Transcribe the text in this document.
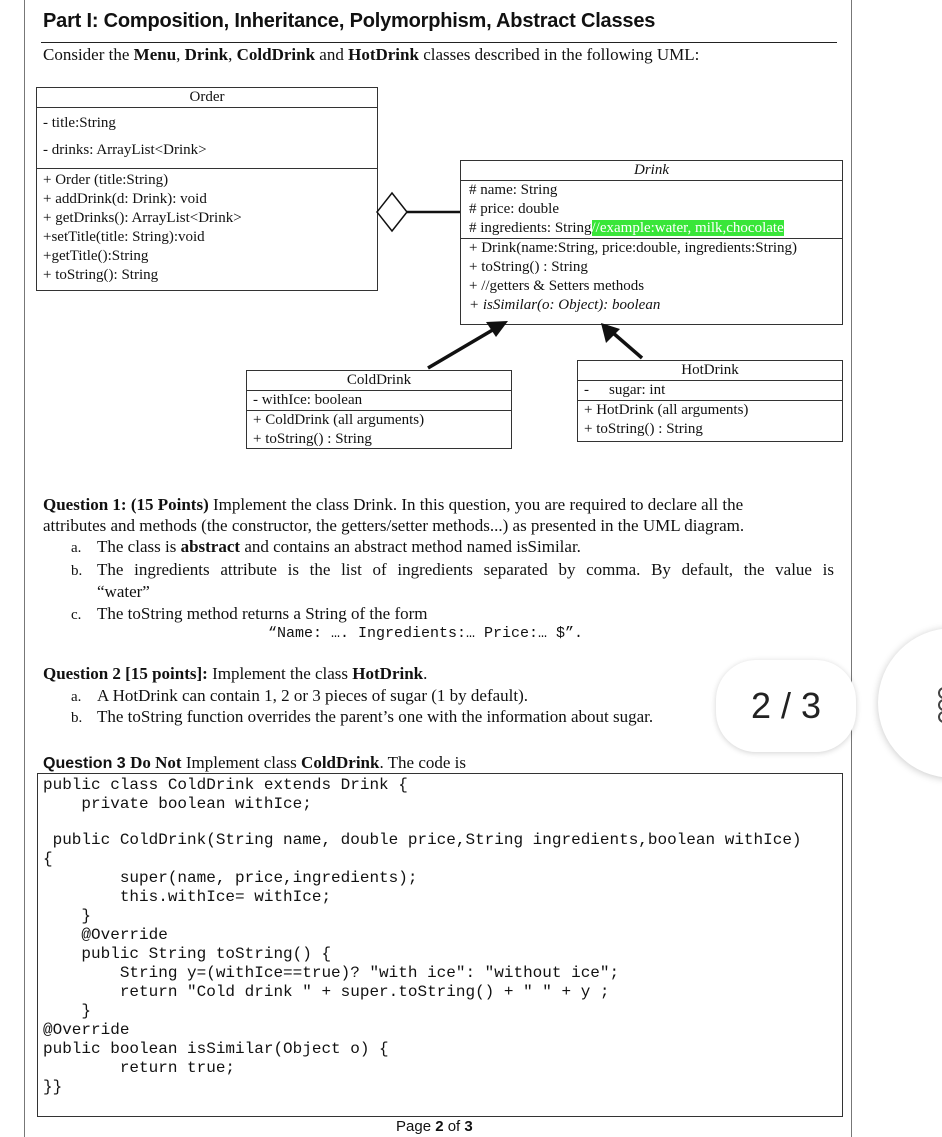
Part I: Composition, Inheritance, Polymorphism, Abstract Classes
Consider the Menu, Drink, ColdDrink and HotDrink classes described in the following UML:
Order
- title:String
- drinks: ArrayList<Drink>
+ Order (title:String)
+ addDrink(d: Drink): void
+ getDrinks(): ArrayList<Drink>
+setTitle(title: String):void
+getTitle():String
+ toString(): String
Drink
# name: String
# price: double
# ingredients: String//example:water, milk,chocolate
+ Drink(name:String, price:double, ingredients:String)
+ toString() : String
+ //getters & Setters methods
+ isSimilar(o: Object): boolean
ColdDrink
- withIce: boolean
+ ColdDrink (all arguments)
+ toString() : String
HotDrink
- sugar: int
+ HotDrink (all arguments)
+ toString() : String
Question 1: (15 Points) Implement the class Drink. In this question, you are required to declare all the
attributes and methods (the constructor, the getters/setter methods...) as presented in the UML diagram.
a. The class is abstract and contains an abstract method named isSimilar.
b. The ingredients attribute is the list of ingredients separated by comma. By default, the value is
“water”
c. The toString method returns a String of the form
“Name: …. Ingredients:… Price:… $”.
Question 2 [15 points]: Implement the class HotDrink.
a. A HotDrink can contain 1, 2 or 3 pieces of sugar (1 by default).
b. The toString function overrides the parent’s one with the information about sugar.
Question 3 Do Not Implement class ColdDrink. The code is
public class ColdDrink extends Drink {
private boolean withIce;
public ColdDrink(String name, double price,String ingredients,boolean withIce)
{
super(name, price,ingredients);
this.withIce= withIce;
}
@Override
public String toString() {
String y=(withIce==true)? "with ice": "without ice";
return "Cold drink " + super.toString() + " " + y ;
}
@Override
public boolean isSimilar(Object o) {
return true;
}}
Page 2 of 3
2 / 3
